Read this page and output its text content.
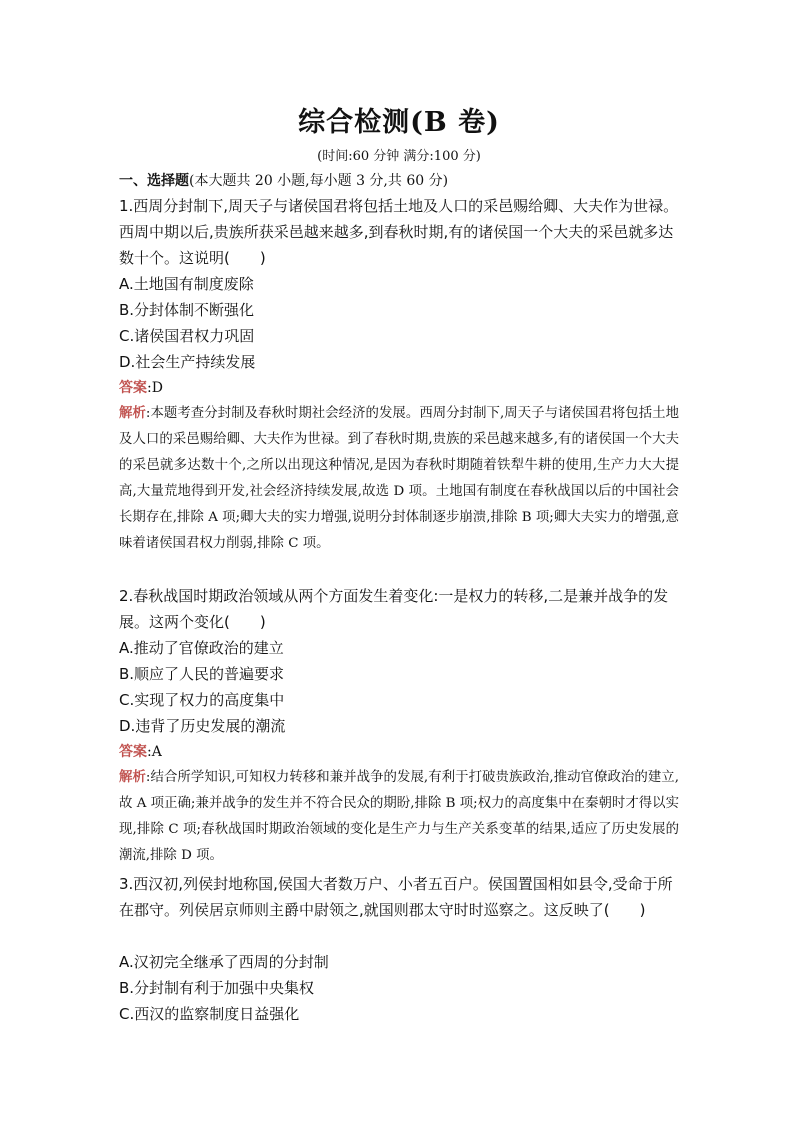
综合检测(B 卷)
(时间:60 分钟 满分:100 分)
一、选择题(本大题共 20 小题,每小题 3 分,共 60 分)
1.西周分封制下,周天子与诸侯国君将包括土地及人口的采邑赐给卿、大夫作为世禄。西周中期以后,贵族所获采邑越来越多,到春秋时期,有的诸侯国一个大夫的采邑就多达数十个。这说明(　　)
A.土地国有制度废除
B.分封体制不断强化
C.诸侯国君权力巩固
D.社会生产持续发展
答案:D
解析:本题考查分封制及春秋时期社会经济的发展。西周分封制下,周天子与诸侯国君将包括土地及人口的采邑赐给卿、大夫作为世禄。到了春秋时期,贵族的采邑越来越多,有的诸侯国一个大夫的采邑就多达数十个,之所以出现这种情况,是因为春秋时期随着铁犁牛耕的使用,生产力大大提高,大量荒地得到开发,社会经济持续发展,故选 D 项。土地国有制度在春秋战国以后的中国社会长期存在,排除 A 项;卿大夫的实力增强,说明分封体制逐步崩溃,排除 B 项;卿大夫实力的增强,意味着诸侯国君权力削弱,排除 C 项。
2.春秋战国时期政治领域从两个方面发生着变化:一是权力的转移,二是兼并战争的发展。这两个变化(　　)
A.推动了官僚政治的建立
B.顺应了人民的普遍要求
C.实现了权力的高度集中
D.违背了历史发展的潮流
答案:A
解析:结合所学知识,可知权力转移和兼并战争的发展,有利于打破贵族政治,推动官僚政治的建立,故 A 项正确;兼并战争的发生并不符合民众的期盼,排除 B 项;权力的高度集中在秦朝时才得以实现,排除 C 项;春秋战国时期政治领域的变化是生产力与生产关系变革的结果,适应了历史发展的潮流,排除 D 项。
3.西汉初,列侯封地称国,侯国大者数万户、小者五百户。侯国置国相如县令,受命于所在郡守。列侯居京师则主爵中尉领之,就国则郡太守时时巡察之。这反映了(　　)
A.汉初完全继承了西周的分封制
B.分封制有利于加强中央集权
C.西汉的监察制度日益强化
